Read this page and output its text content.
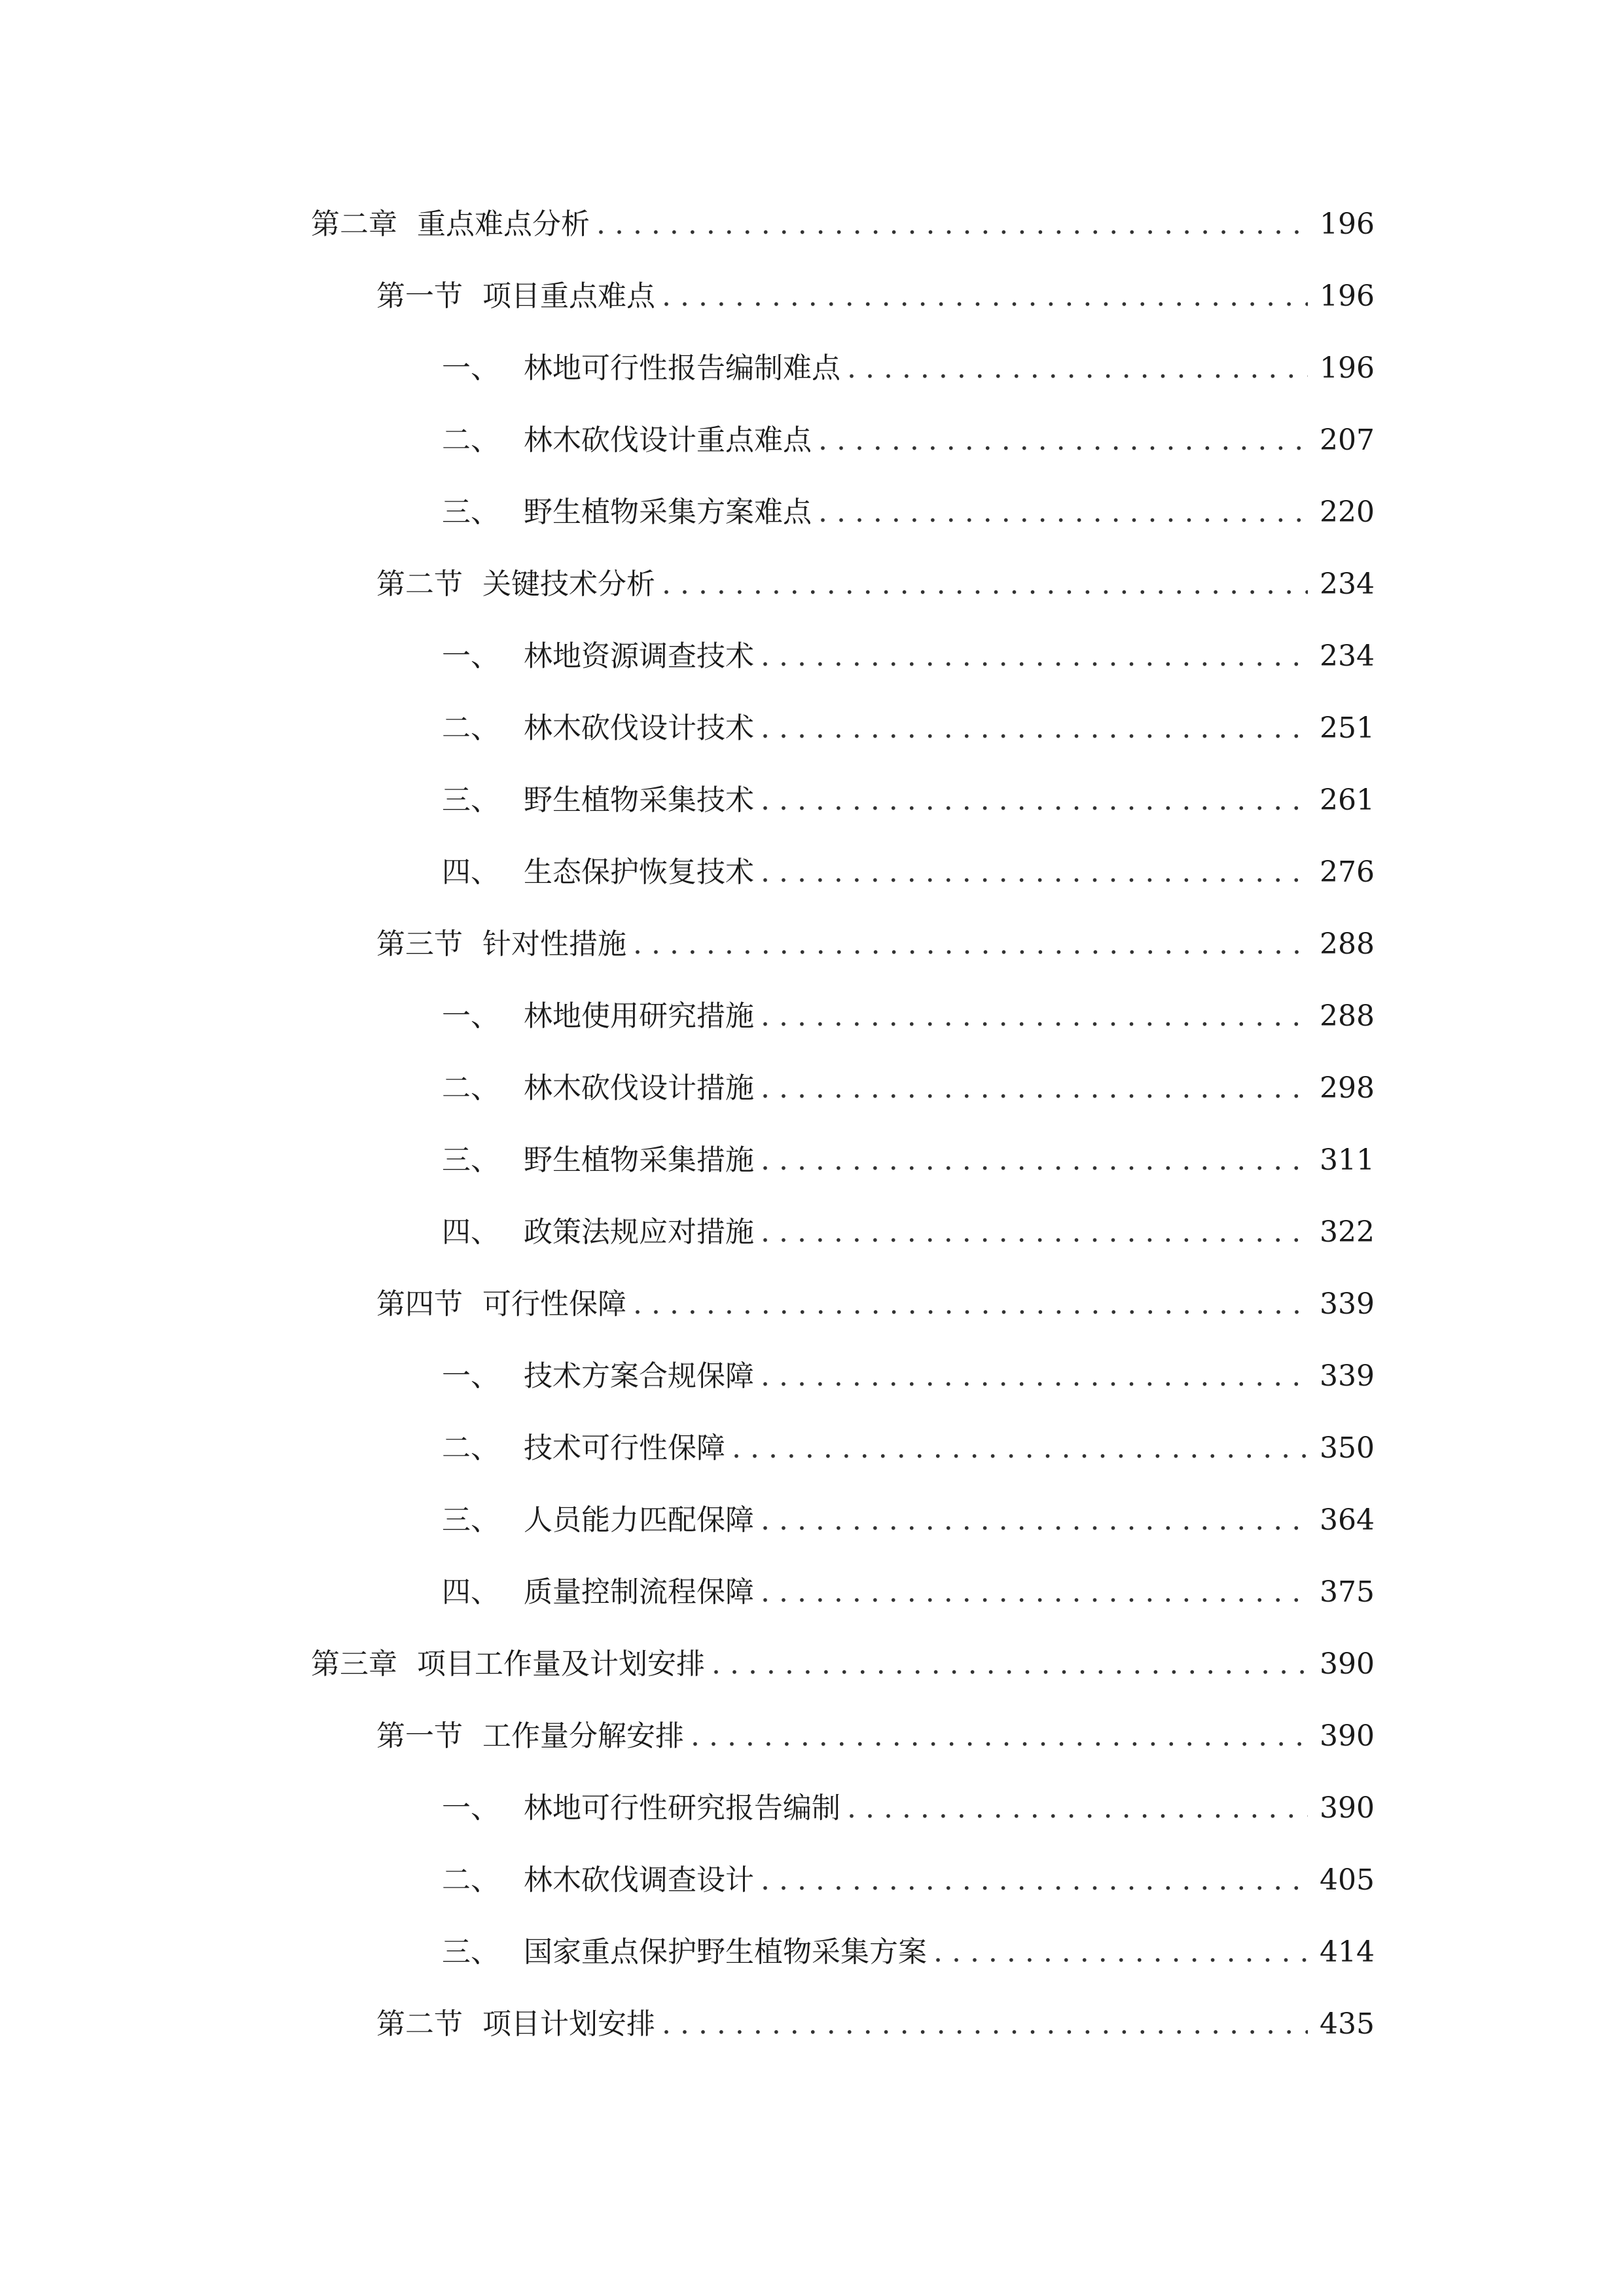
第二章 重点难点分析 . . .	196
第一节 项目重点难点 . . .	196
一、 林地可行性报告编制难点 . . .	196
二、 林木砍伐设计重点难点 . . .	207
三、 野生植物采集方案难点 . . .	220
第二节 关键技术分析 . . .	234
一、 林地资源调查技术 . . .	234
二、 林木砍伐设计技术 . . .	251
三、 野生植物采集技术 . . .	261
四、 生态保护恢复技术 . . .	276
第三节 针对性措施 . . .	288
一、 林地使用研究措施 . . .	288
二、 林木砍伐设计措施 . . .	298
三、 野生植物采集措施 . . .	311
四、 政策法规应对措施 . . .	322
第四节 可行性保障 . . .	339
一、 技术方案合规保障 . . .	339
二、 技术可行性保障 . . .	350
三、 人员能力匹配保障 . . .	364
四、 质量控制流程保障 . . .	375
第三章 项目工作量及计划安排 . . .	390
第一节 工作量分解安排 . . .	390
一、 林地可行性研究报告编制 . . .	390
二、 林木砍伐调查设计 . . .	405
三、 国家重点保护野生植物采集方案 . . .	414
第二节 项目计划安排 . . .	435
